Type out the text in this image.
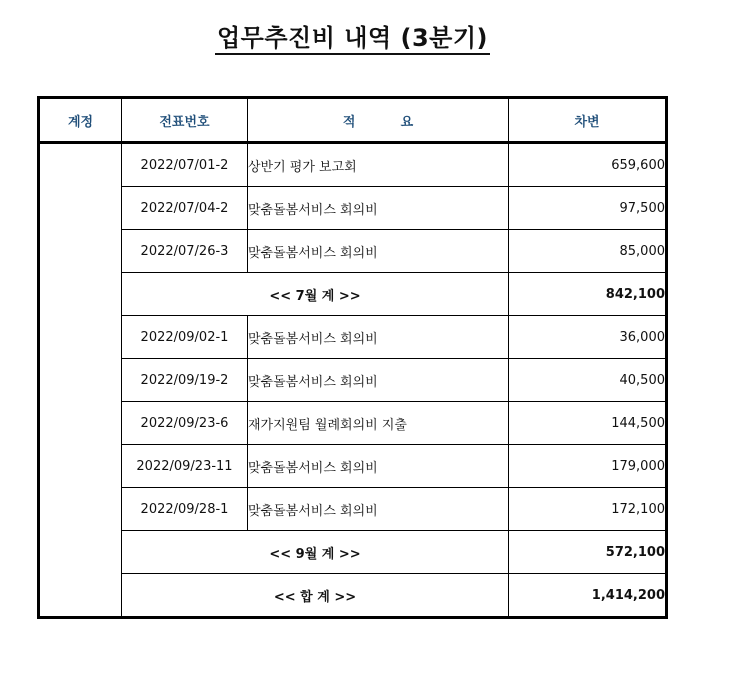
업무추진비 내역 (3분기)
계정	전표번호	적          요	차변
	2022/07/01-2	상반기 평가 보고회	659,600
	2022/07/04-2	맞춤돌봄서비스 회의비	97,500
	2022/07/26-3	맞춤돌봄서비스 회의비	85,000
	<< 7월 계 >>		842,100
	2022/09/02-1	맞춤돌봄서비스 회의비	36,000
	2022/09/19-2	맞춤돌봄서비스 회의비	40,500
	2022/09/23-6	재가지원팀 월례회의비 지출	144,500
	2022/09/23-11	맞춤돌봄서비스 회의비	179,000
	2022/09/28-1	맞춤돌봄서비스 회의비	172,100
	<< 9월 계 >>		572,100
	<< 합 계 >>		1,414,200
